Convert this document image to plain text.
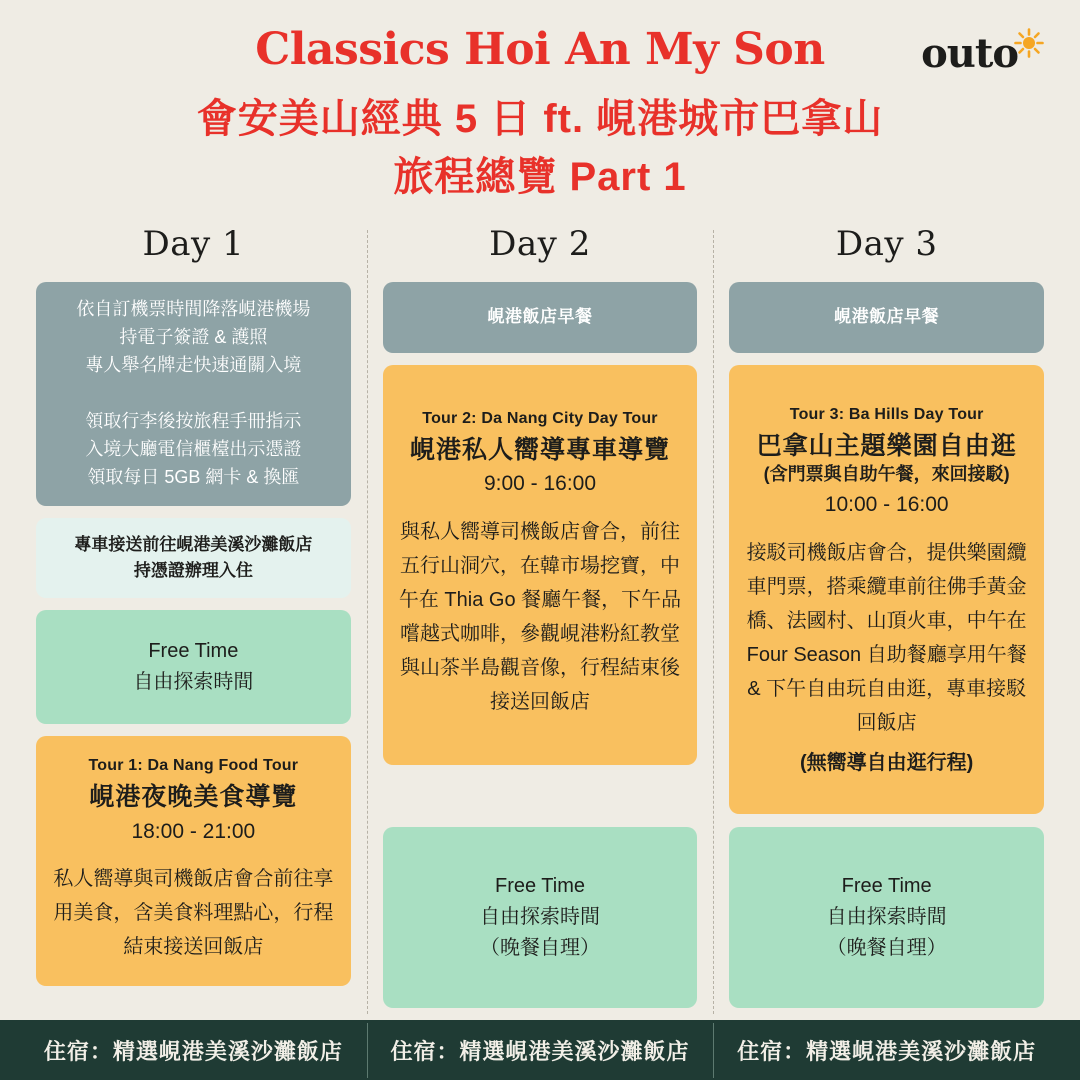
Classics Hoi An My Son
會安美山經典 5 日 ft. 峴港城市巴拿山
旅程總覽 Part 1
outo
Day 1
依自訂機票時間降落峴港機場
持電子簽證 & 護照
專人舉名牌走快速通關入境

領取行李後按旅程手冊指示
入境大廳電信櫃檯出示憑證
領取每日 5GB 網卡 & 換匯
專車接送前往峴港美溪沙灘飯店
持憑證辦理入住
Free Time
自由探索時間
Tour 1: Da Nang Food Tour
峴港夜晚美食導覽
18:00 - 21:00
私人嚮導與司機飯店會合前往享用美食，含美食料理點心，行程結束接送回飯店
Day 2
峴港飯店早餐
Tour 2: Da Nang City Day Tour
峴港私人嚮導專車導覽
9:00 - 16:00
與私人嚮導司機飯店會合，前往五行山洞穴，在韓市場挖寶，中午在 Thia Go 餐廳午餐，下午品嚐越式咖啡，參觀峴港粉紅教堂與山茶半島觀音像，行程結束後接送回飯店
Free Time
自由探索時間
（晚餐自理）
Day 3
峴港飯店早餐
Tour 3: Ba Hills Day Tour
巴拿山主題樂園自由逛
(含門票與自助午餐，來回接駁)
10:00 - 16:00
接駁司機飯店會合，提供樂園纜車門票，搭乘纜車前往佛手黃金橋、法國村、山頂火車，中午在 Four Season 自助餐廳享用午餐 & 下午自由玩自由逛，專車接駁回飯店
(無嚮導自由逛行程)
Free Time
自由探索時間
（晚餐自理）
住宿：精選峴港美溪沙灘飯店	住宿：精選峴港美溪沙灘飯店	住宿：精選峴港美溪沙灘飯店
